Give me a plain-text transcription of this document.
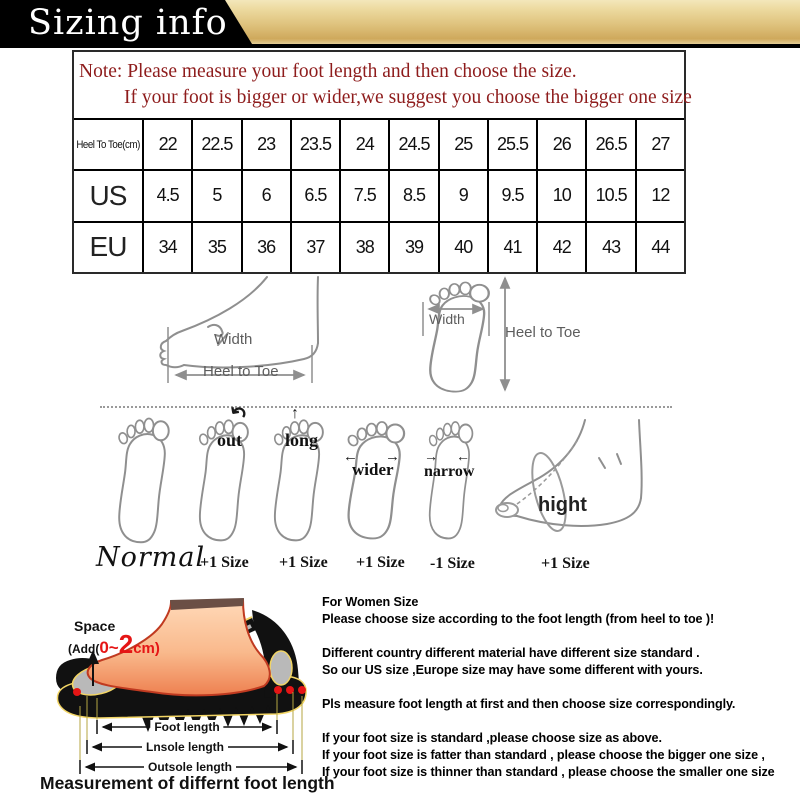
Sizing info
Note: Please measure your foot length and then choose the size.
If your foot is bigger or wider,we suggest you choose the bigger one size
Heel To Toe(cm)	22	22.5	23	23.5	24	24.5	25	25.5	26	26.5	27
US	4.5	5	6	6.5	7.5	8.5	9	9.5	10	10.5	12
EU	34	35	36	37	38	39	40	41	42	43	44
Width
Heel to Toe
Width
Heel to Toe
↶	↑
← → → ←
out long
wider narrow
hight
Normal
+1 Size +1 Size +1 Size -1 Size	+1 Size
Space
(Add( 0~ 2 cm)
Foot length
Lnsole length
Outsole length
Measurement of differnt foot length
For Women Size
Please choose size according to the foot length (from heel to toe )!
Different country different material have different size standard .
So our US size ,Europe size may have some different with yours.
Pls measure foot length at first and then choose size correspondingly.
If your foot size is standard ,please choose size as above.
If your foot size is fatter than standard , please choose the bigger one size ,
If your foot size is thinner than standard , please choose the smaller one size
